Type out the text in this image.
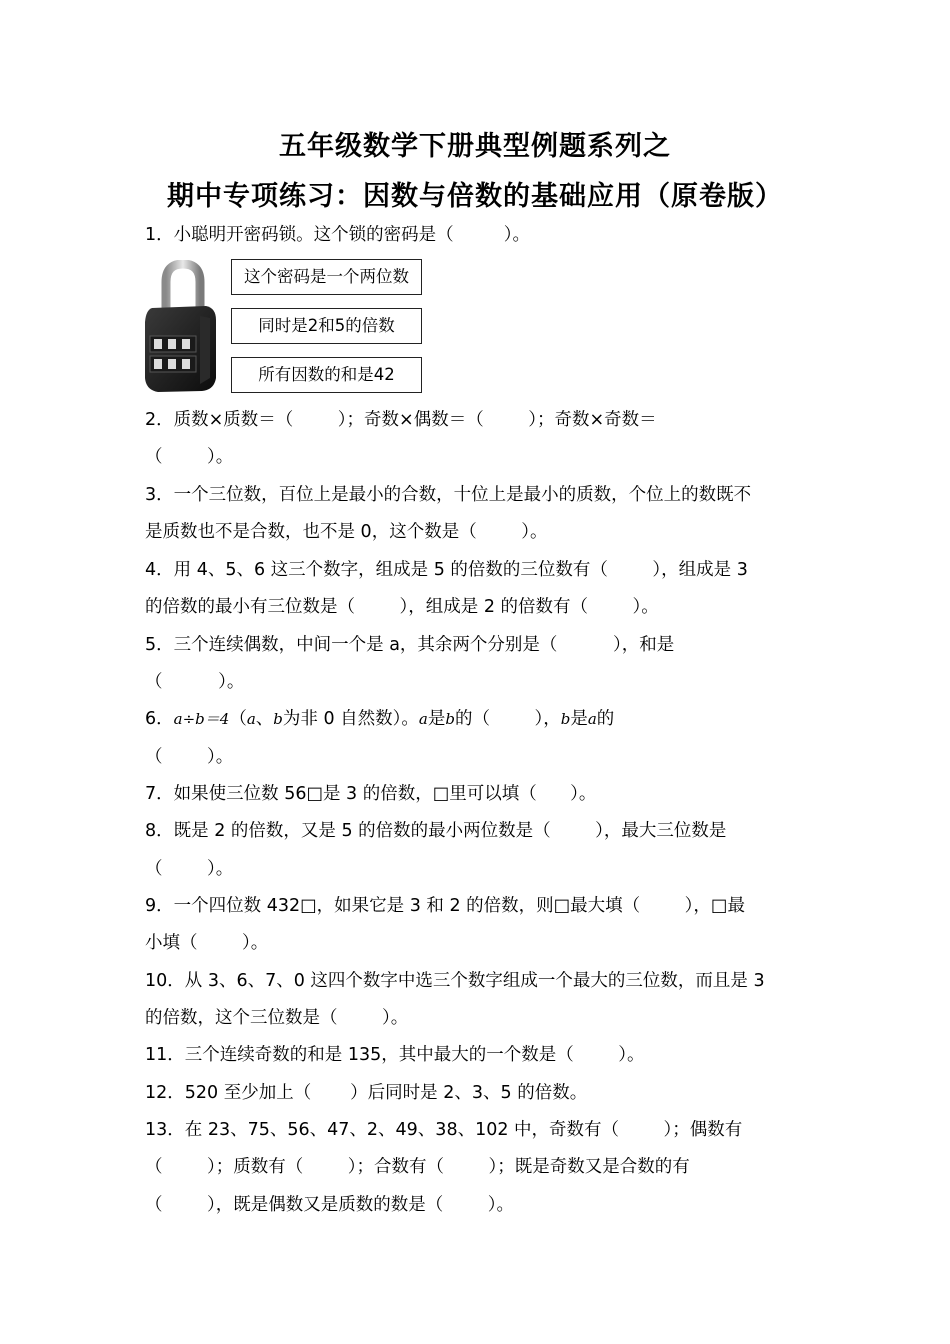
五年级数学下册典型例题系列之
期中专项练习：因数与倍数的基础应用（原卷版）
1．小聪明开密码锁。这个锁的密码是（         ）。
这个密码是一个两位数
同时是2和5的倍数
所有因数的和是42
2．质数×质数＝（        ）；奇数×偶数＝（        ）；奇数×奇数＝
（        ）。
3．一个三位数，百位上是最小的合数，十位上是最小的质数，个位上的数既不
是质数也不是合数，也不是 0，这个数是（        ）。
4．用 4、5、6 这三个数字，组成是 5 的倍数的三位数有（        ），组成是 3
的倍数的最小有三位数是（        ），组成是 2 的倍数有（        ）。
5．三个连续偶数，中间一个是 a，其余两个分别是（          ），和是
（          ）。
6．a÷b＝4（a、b为非 0 自然数）。a是b的（        ），b是a的
（        ）。
7．如果使三位数 56□是 3 的倍数，□里可以填（      ）。
8．既是 2 的倍数，又是 5 的倍数的最小两位数是（        ），最大三位数是
（        ）。
9．一个四位数 432□，如果它是 3 和 2 的倍数，则□最大填（        ），□最
小填（        ）。
10．从 3、6、7、0 这四个数字中选三个数字组成一个最大的三位数，而且是 3
的倍数，这个三位数是（        ）。
11．三个连续奇数的和是 135，其中最大的一个数是（        ）。
12．520 至少加上（       ）后同时是 2、3、5 的倍数。
13．在 23、75、56、47、2、49、38、102 中，奇数有（        ）；偶数有
（        ）；质数有（        ）；合数有（        ）；既是奇数又是合数的有
（        ），既是偶数又是质数的数是（        ）。
